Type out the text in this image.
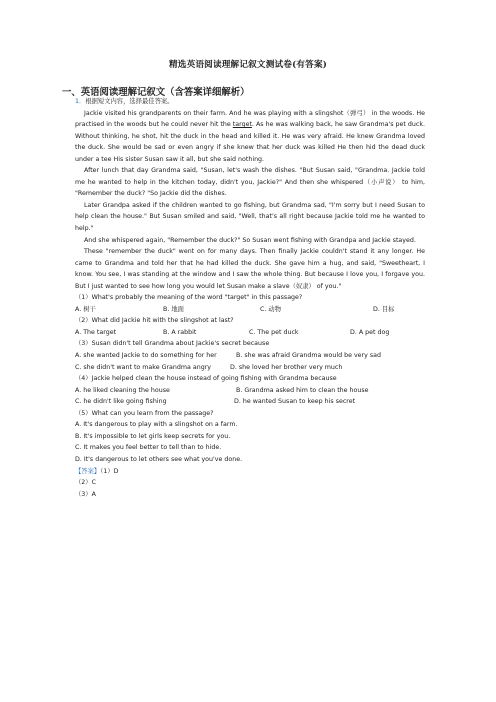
精选英语阅读理解记叙文测试卷(有答案)
一、英语阅读理解记叙文（含答案详细解析）

1．根据短文内容，选择最佳答案。

Jackie visited his grandparents on their farm. And he was playing with a slingshot（弹弓） in the woods. He practised in the woods but he could never hit the target. As he was walking back, he saw Grandma's pet duck. Without thinking, he shot, hit the duck in the head and killed it. He was very afraid. He knew Grandma loved the duck. She would be sad or even angry if she knew that her duck was killed He then hid the dead duck under a tee His sister Susan saw it all, but she said nothing.

After lunch that day Grandma said, "Susan, let's wash the dishes. "But Susan said, "Grandma. Jackie told me he wanted to help in the kitchen today, didn't you, Jackie?" And then she whispered（小声说） to him, "Remember the duck? "So Jackie did the dishes.

Later Grandpa asked if the children wanted to go fishing, but Grandma sad, "I'm sorry but I need Susan to help clean the house." But Susan smiled and said, "Well, that's all right because Jackie told me he wanted to help."

And she whispered again, "Remember the duck?" So Susan went fishing with Grandpa and Jackie stayed.

These "remember the duck" went on for many days. Then finally Jackie couldn't stand it any longer. He came to Grandma and told her that he had killed the duck. She gave him a hug, and said, "Sweetheart, I know. You see, I was standing at the window and I saw the whole thing. But because I love you, I forgave you. But I just wanted to see how long you would let Susan make a slave（奴隶） of you."

（1）What's probably the meaning of the word "target" in this passage?

A. 树干	B. 地面	C. 动物	D. 目标

（2）What did Jackie hit with the slingshot at last?

A. The target	B. A rabbit	C. The pet duck	D. A pet dog

（3）Susan didn't tell Grandma about Jackie's secret because

A. she wanted Jackie to do something for her	B. she was afraid Grandma would be very sad
C. she didn't want to make Grandma angry	D. she loved her brother very much

（4）Jackie helped clean the house instead of going fishing with Grandma because

A. he liked cleaning the house	B. Grandma asked him to clean the house
C. he didn't like going fishing	D. he wanted Susan to keep his secret

（5）What can you learn from the passage?

A. It's dangerous to play with a slingshot on a farm.

B. It's impossible to let girls keep secrets for you.

C. It makes you feel better to tell than to hide.

D. It's dangerous to let others see what you've done.

【答案】（1）D

（2）C

（3）A
